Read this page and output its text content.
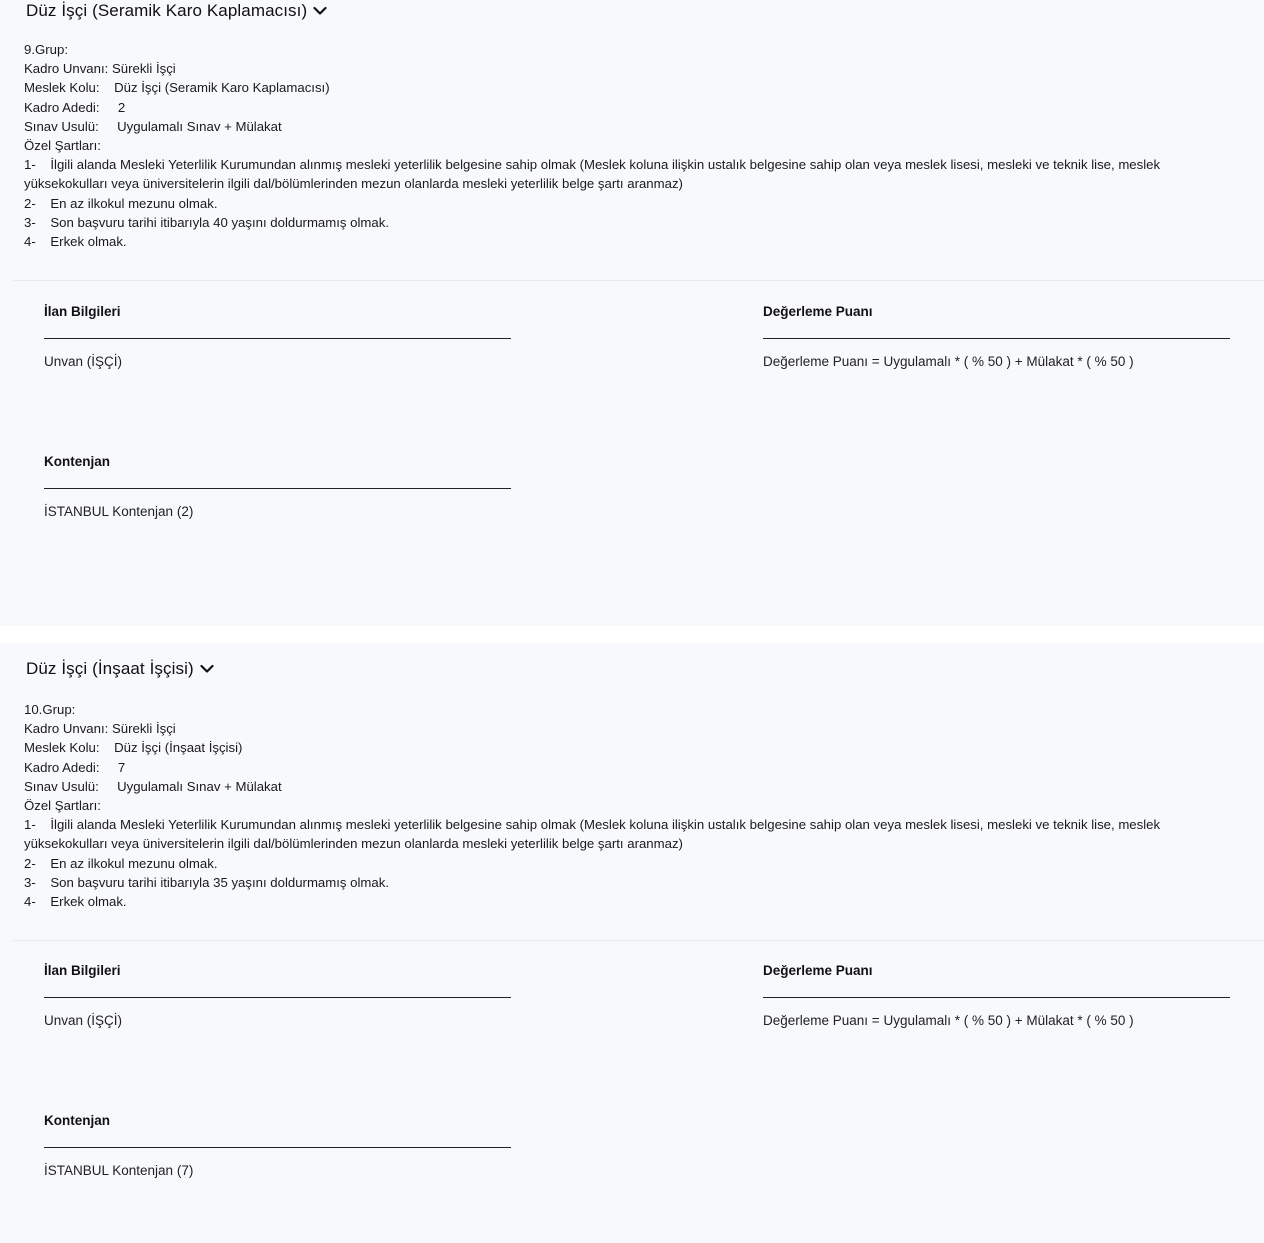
Düz İşçi (Seramik Karo Kaplamacısı)
9.Grup:
Kadro Unvanı: Sürekli İşçi
Meslek Kolu:    Düz İşçi (Seramik Karo Kaplamacısı)
Kadro Adedi:     2
Sınav Usulü:     Uygulamalı Sınav + Mülakat
Özel Şartları:
1-    İlgili alanda Mesleki Yeterlilik Kurumundan alınmış mesleki yeterlilik belgesine sahip olmak (Meslek koluna ilişkin ustalık belgesine sahip olan veya meslek lisesi, mesleki ve teknik lise, meslek yüksekokulları veya üniversitelerin ilgili dal/bölümlerinden mezun olanlarda mesleki yeterlilik belge şartı aranmaz)
2-    En az ilkokul mezunu olmak.
3-    Son başvuru tarihi itibarıyla 40 yaşını doldurmamış olmak.
4-    Erkek olmak.
İlan Bilgileri
Unvan (İŞÇİ)
Değerleme Puanı
Değerleme Puanı = Uygulamalı * ( % 50 ) + Mülakat * ( % 50 )
Kontenjan
İSTANBUL Kontenjan (2)
Düz İşçi (İnşaat İşçisi)
10.Grup:
Kadro Unvanı: Sürekli İşçi
Meslek Kolu:    Düz İşçi (İnşaat İşçisi)
Kadro Adedi:     7
Sınav Usulü:     Uygulamalı Sınav + Mülakat
Özel Şartları:
1-    İlgili alanda Mesleki Yeterlilik Kurumundan alınmış mesleki yeterlilik belgesine sahip olmak (Meslek koluna ilişkin ustalık belgesine sahip olan veya meslek lisesi, mesleki ve teknik lise, meslek yüksekokulları veya üniversitelerin ilgili dal/bölümlerinden mezun olanlarda mesleki yeterlilik belge şartı aranmaz)
2-    En az ilkokul mezunu olmak.
3-    Son başvuru tarihi itibarıyla 35 yaşını doldurmamış olmak.
4-    Erkek olmak.
İlan Bilgileri
Unvan (İŞÇİ)
Değerleme Puanı
Değerleme Puanı = Uygulamalı * ( % 50 ) + Mülakat * ( % 50 )
Kontenjan
İSTANBUL Kontenjan (7)
